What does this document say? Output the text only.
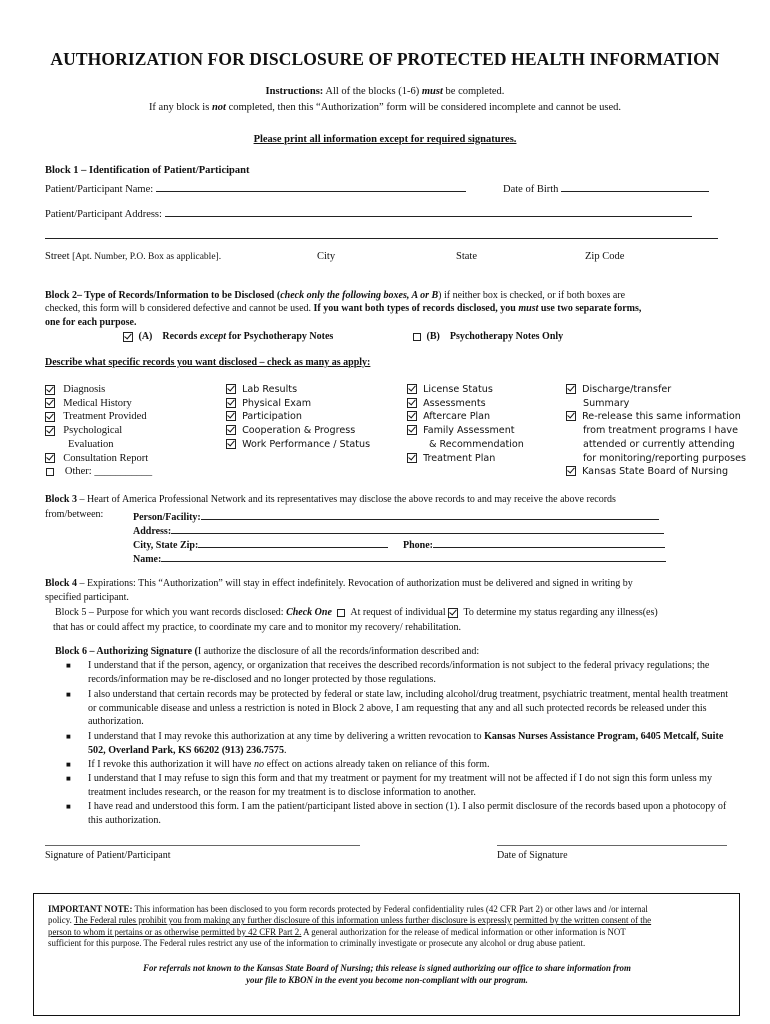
AUTHORIZATION FOR DISCLOSURE OF PROTECTED HEALTH INFORMATION
Instructions: All of the blocks (1-6) must be completed.
If any block is not completed, then this “Authorization” form will be considered incomplete and cannot be used.
Please print all information except for required signatures.
Block 1 – Identification of Patient/Participant
Patient/Participant Name:	Date of Birth
Patient/Participant Address:
Street [Apt. Number, P.O. Box as applicable].	City	State	Zip Code
Block 2– Type of Records/Information to be Disclosed (check only the following boxes, A or B) if neither box is checked, or if both boxes are
checked, this form will b considered defective and cannot be used. If you want both types of records disclosed, you must use two separate forms,
one for each purpose.
(A) Records except for Psychotherapy Notes	(B) Psychotherapy Notes Only
Describe what specific records you want disclosed – check as many as apply:
Diagnosis
Medical History
Treatment Provided
Psychological
Evaluation
Consultation Report
Other: ___________
Lab Results
Physical Exam
Participation
Cooperation & Progress
Work Performance / Status
License Status
Assessments
Aftercare Plan
Family Assessment
& Recommendation
Treatment Plan
Discharge/transfer
Summary
Re-release this same information
from treatment programs I have
attended or currently attending
for monitoring/reporting purposes
Kansas State Board of Nursing
Block 3 – Heart of America Professional Network and its representatives may disclose the above records to and may receive the above records
from/between:	Person/Facility:
Address:
City, State Zip:	Phone:
Name:
Block 4 – Expirations: This “Authorization” will stay in effect indefinitely. Revocation of authorization must be delivered and signed in writing by
specified participant.
Block 5 – Purpose for which you want records disclosed: Check One At request of individual To determine my status regarding any illness(es)
that has or could affect my practice, to coordinate my care and to monitor my recovery/ rehabilitation.
Block 6 – Authorizing Signature (I authorize the disclosure of all the records/information described and:
■ I understand that if the person, agency, or organization that receives the described records/information is not subject to the federal privacy regulations; the records/information may be re-disclosed and no longer protected by those regulations.
■ I also understand that certain records may be protected by federal or state law, including alcohol/drug treatment, psychiatric treatment, mental health treatment or communicable disease and unless a restriction is noted in Block 2 above, I am requesting that any and all such protected records be released under this authorization.
■ I understand that I may revoke this authorization at any time by delivering a written revocation to Kansas Nurses Assistance Program, 6405 Metcalf, Suite 502, Overland Park, KS 66202 (913) 236.7575.
■ If I revoke this authorization it will have no effect on actions already taken on reliance of this form.
■ I understand that I may refuse to sign this form and that my treatment or payment for my treatment will not be affected if I do not sign this form unless my treatment includes research, or the reason for my treatment is to disclose information to another.
■ I have read and understood this form. I am the patient/participant listed above in section (1). I also permit disclosure of the records based upon a photocopy of this authorization.
Signature of Patient/Participant	Date of Signature
IMPORTANT NOTE: This information has been disclosed to you form records protected by Federal confidentiality rules (42 CFR Part 2) or other laws and /or internal
policy. The Federal rules prohibit you from making any further disclosure of this information unless further disclosure is expressly permitted by the written consent of the
person to whom it pertains or as otherwise permitted by 42 CFR Part 2. A general authorization for the release of medical information or other information is NOT
sufficient for this purpose. The Federal rules restrict any use of the information to criminally investigate or prosecute any alcohol or drug abuse patient.
For referrals not known to the Kansas State Board of Nursing; this release is signed authorizing our office to share information from
your file to KBON in the event you become non-compliant with our program.
